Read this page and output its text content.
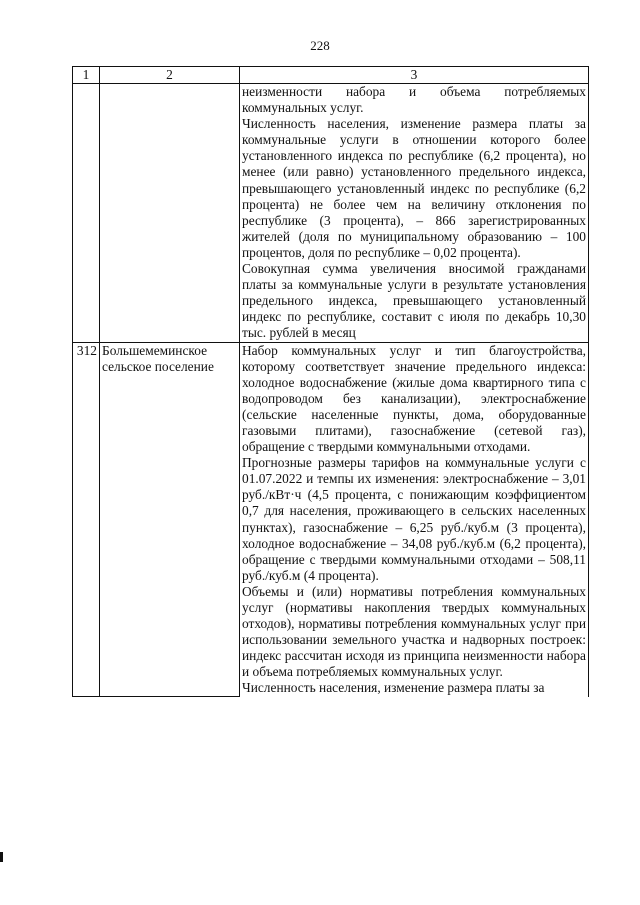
228
1	2	3

		неизменности набора и объема потребляемых коммунальных услуг.

Численность населения, изменение размера платы за коммунальные услуги в отношении которого более установленного индекса по республике (6,2 процента), но менее (или равно) установленного предельного индекса, превышающего установленный индекс по республике (6,2 процента) не более чем на величину отклонения по республике (3 процента), – 866 зарегистрированных жителей (доля по муниципальному образованию – 100 процентов, доля по республике – 0,02 процента).

Совокупная сумма увеличения вносимой гражданами платы за коммунальные услуги в результате установления предельного индекса, превышающего установленный индекс по республике, составит с июля по декабрь 10,30 тыс. рублей в месяц

312	Большемеминское сельское поселение	Набор коммунальных услуг и тип благоустройства, которому соответствует значение предельного индекса: холодное водоснабжение (жилые дома квартирного типа с водопроводом без канализации), электроснабжение (сельские населенные пункты, дома, оборудованные газовыми плитами), газоснабжение (сетевой газ), обращение с твердыми коммунальными отходами.

Прогнозные размеры тарифов на коммунальные услуги с 01.07.2022 и темпы их изменения: электроснабжение – 3,01 руб./кВт·ч (4,5 процента, с понижающим коэффициентом 0,7 для населения, проживающего в сельских населенных пунктах), газоснабжение – 6,25 руб./куб.м (3 процента), холодное водоснабжение – 34,08 руб./куб.м (6,2 процента), обращение с твердыми коммунальными отходами – 508,11 руб./куб.м (4 процента).

Объемы и (или) нормативы потребления коммунальных услуг (нормативы накопления твердых коммунальных отходов), нормативы потребления коммунальных услуг при использовании земельного участка и надворных построек: индекс рассчитан исходя из принципа неизменности набора и объема потребляемых коммунальных услуг.

Численность населения, изменение размера платы за
